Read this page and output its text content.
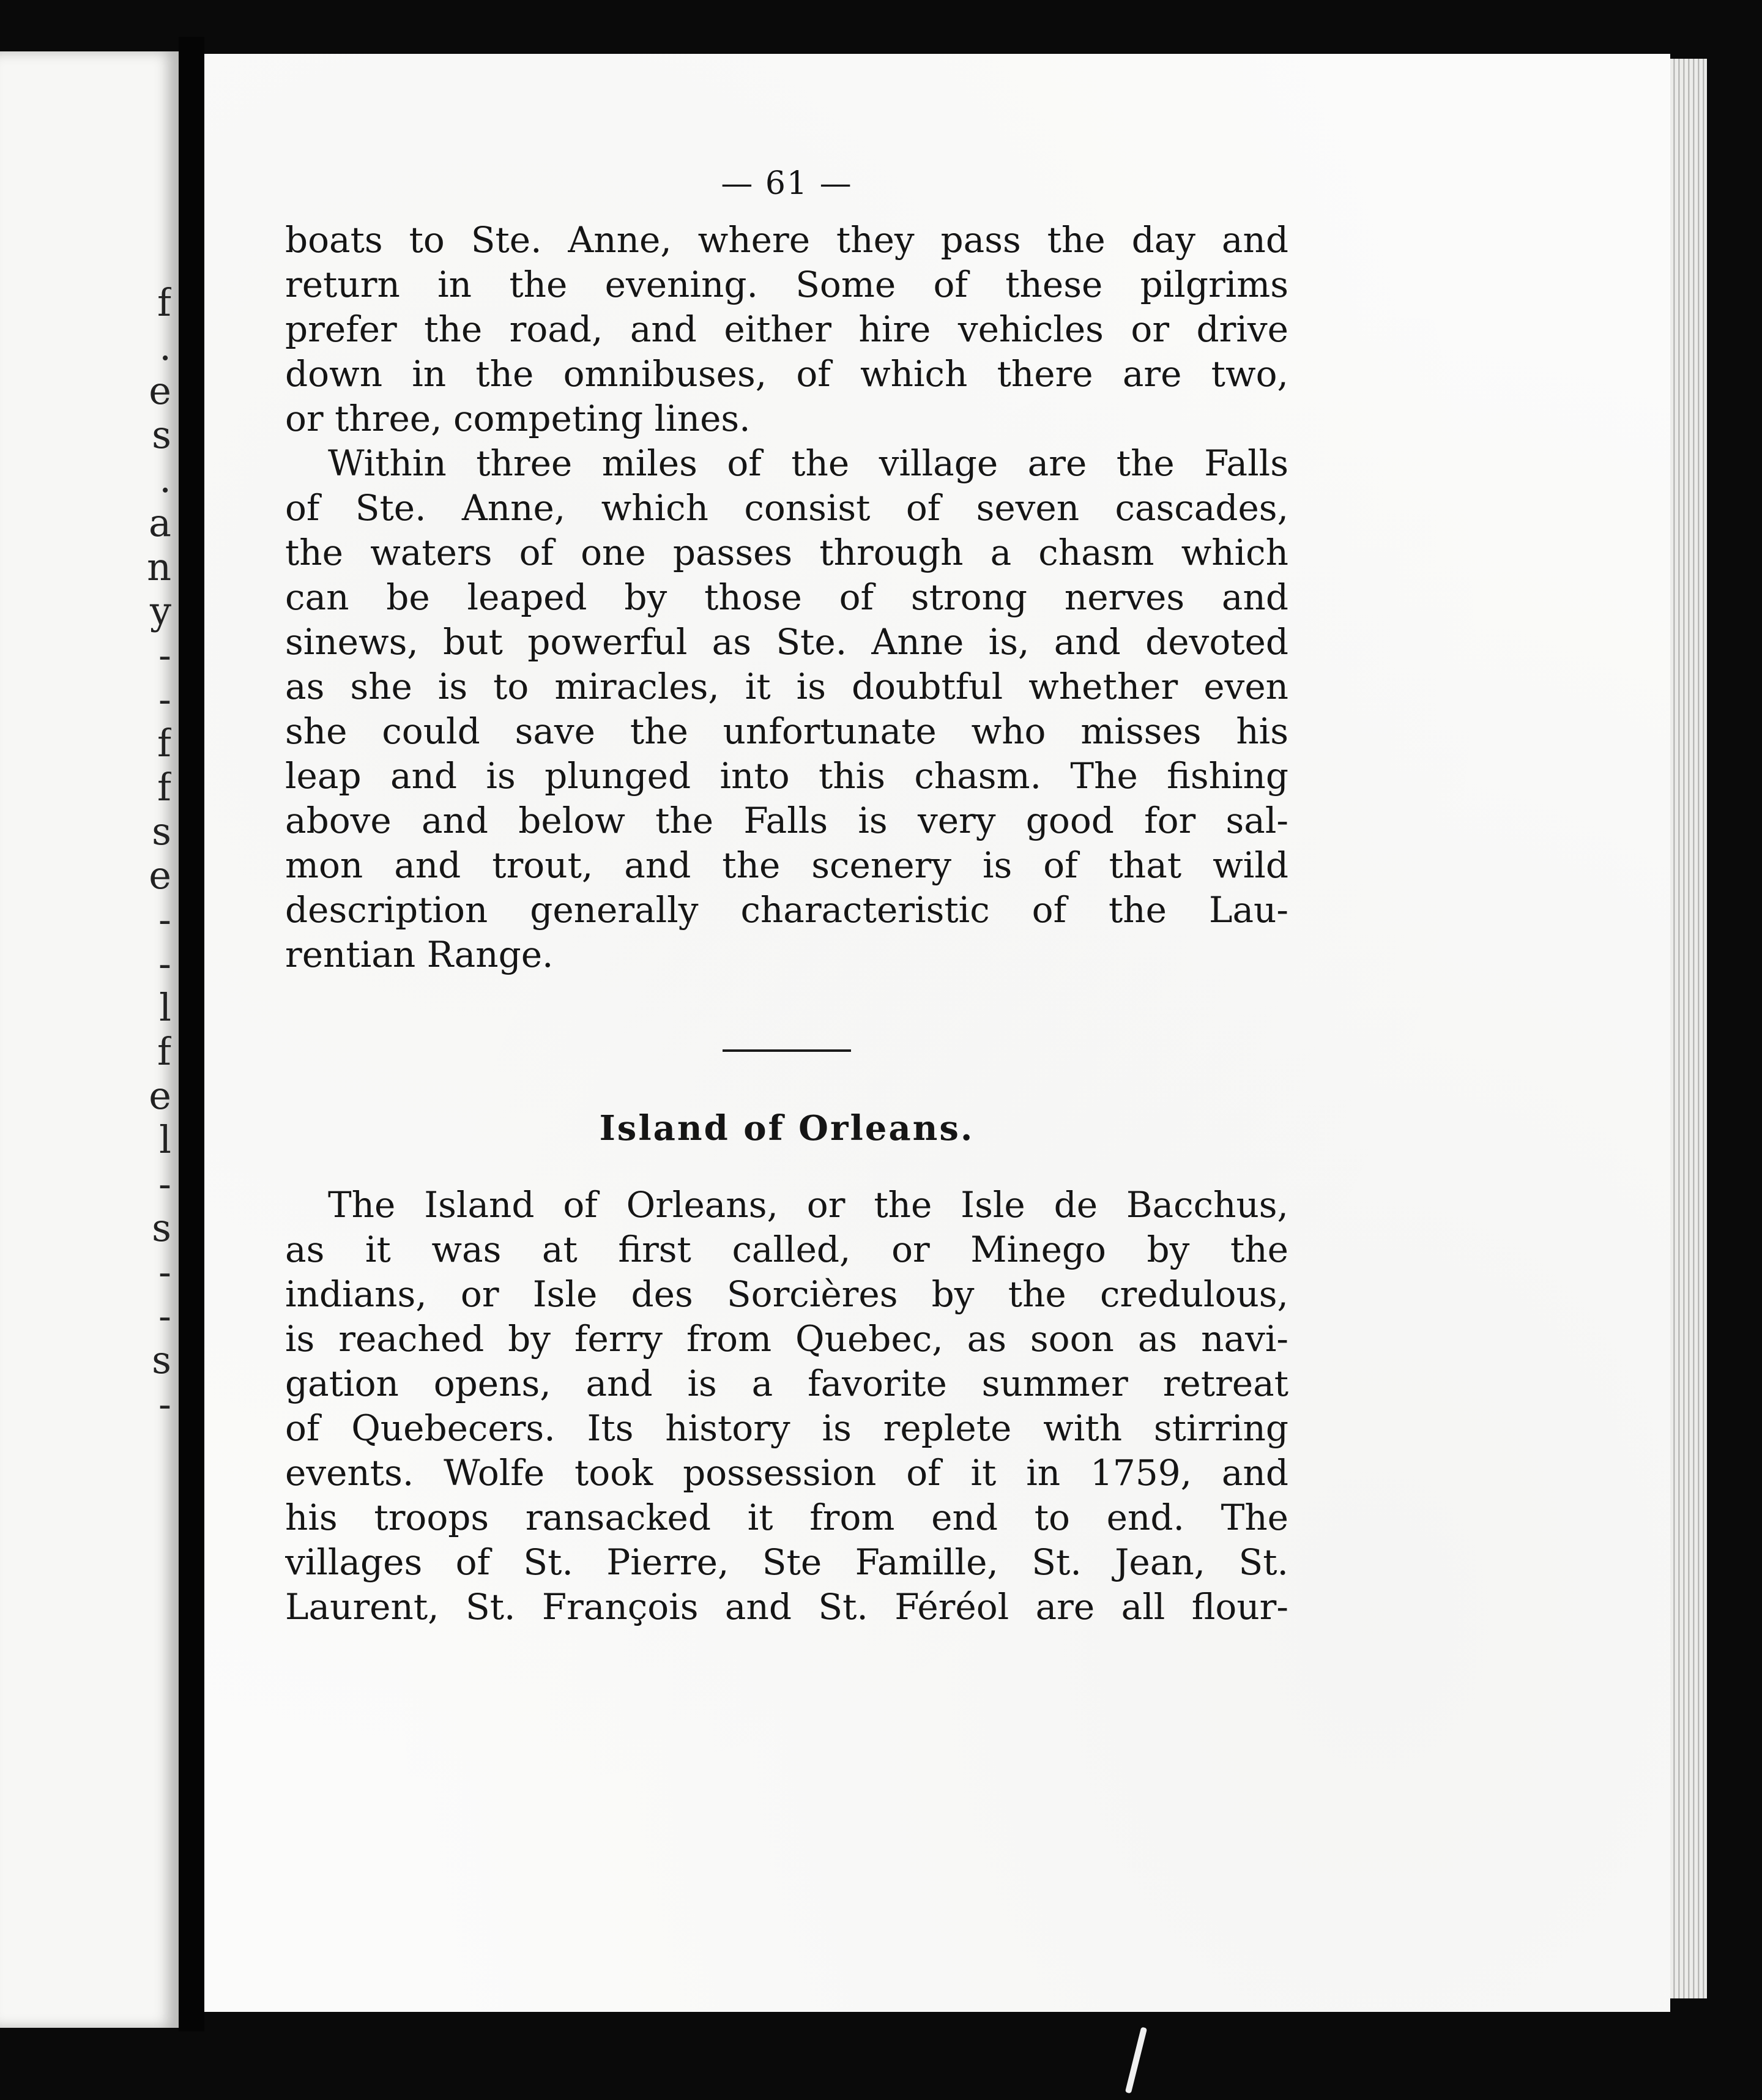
f
.
e
s
.
a
n
y
-
-
f
f
s
e
-
-
l
f
e
l
-
s
-
-
s
-
— 61 —
boats to Ste. Anne, where they pass the day and
return in the evening. Some of these pilgrims
prefer the road, and either hire vehicles or drive
down in the omnibuses, of which there are two,
or three, competing lines.
Within three miles of the village are the Falls
of Ste. Anne, which consist of seven cascades,
the waters of one passes through a chasm which
can be leaped by those of strong nerves and
sinews, but powerful as Ste. Anne is, and devoted
as she is to miracles, it is doubtful whether even
she could save the unfortunate who misses his
leap and is plunged into this chasm. The fishing
above and below the Falls is very good for sal-
mon and trout, and the scenery is of that wild
description generally characteristic of the Lau-
rentian Range.
Island of Orleans.
The Island of Orleans, or the Isle de Bacchus,
as it was at first called, or Minego by the
indians, or Isle des Sorcières by the credulous,
is reached by ferry from Quebec, as soon as navi-
gation opens, and is a favorite summer retreat
of Quebecers. Its history is replete with stirring
events. Wolfe took possession of it in 1759, and
his troops ransacked it from end to end. The
villages of St. Pierre, Ste Famille, St. Jean, St.
Laurent, St. François and St. Féréol are all flour-
